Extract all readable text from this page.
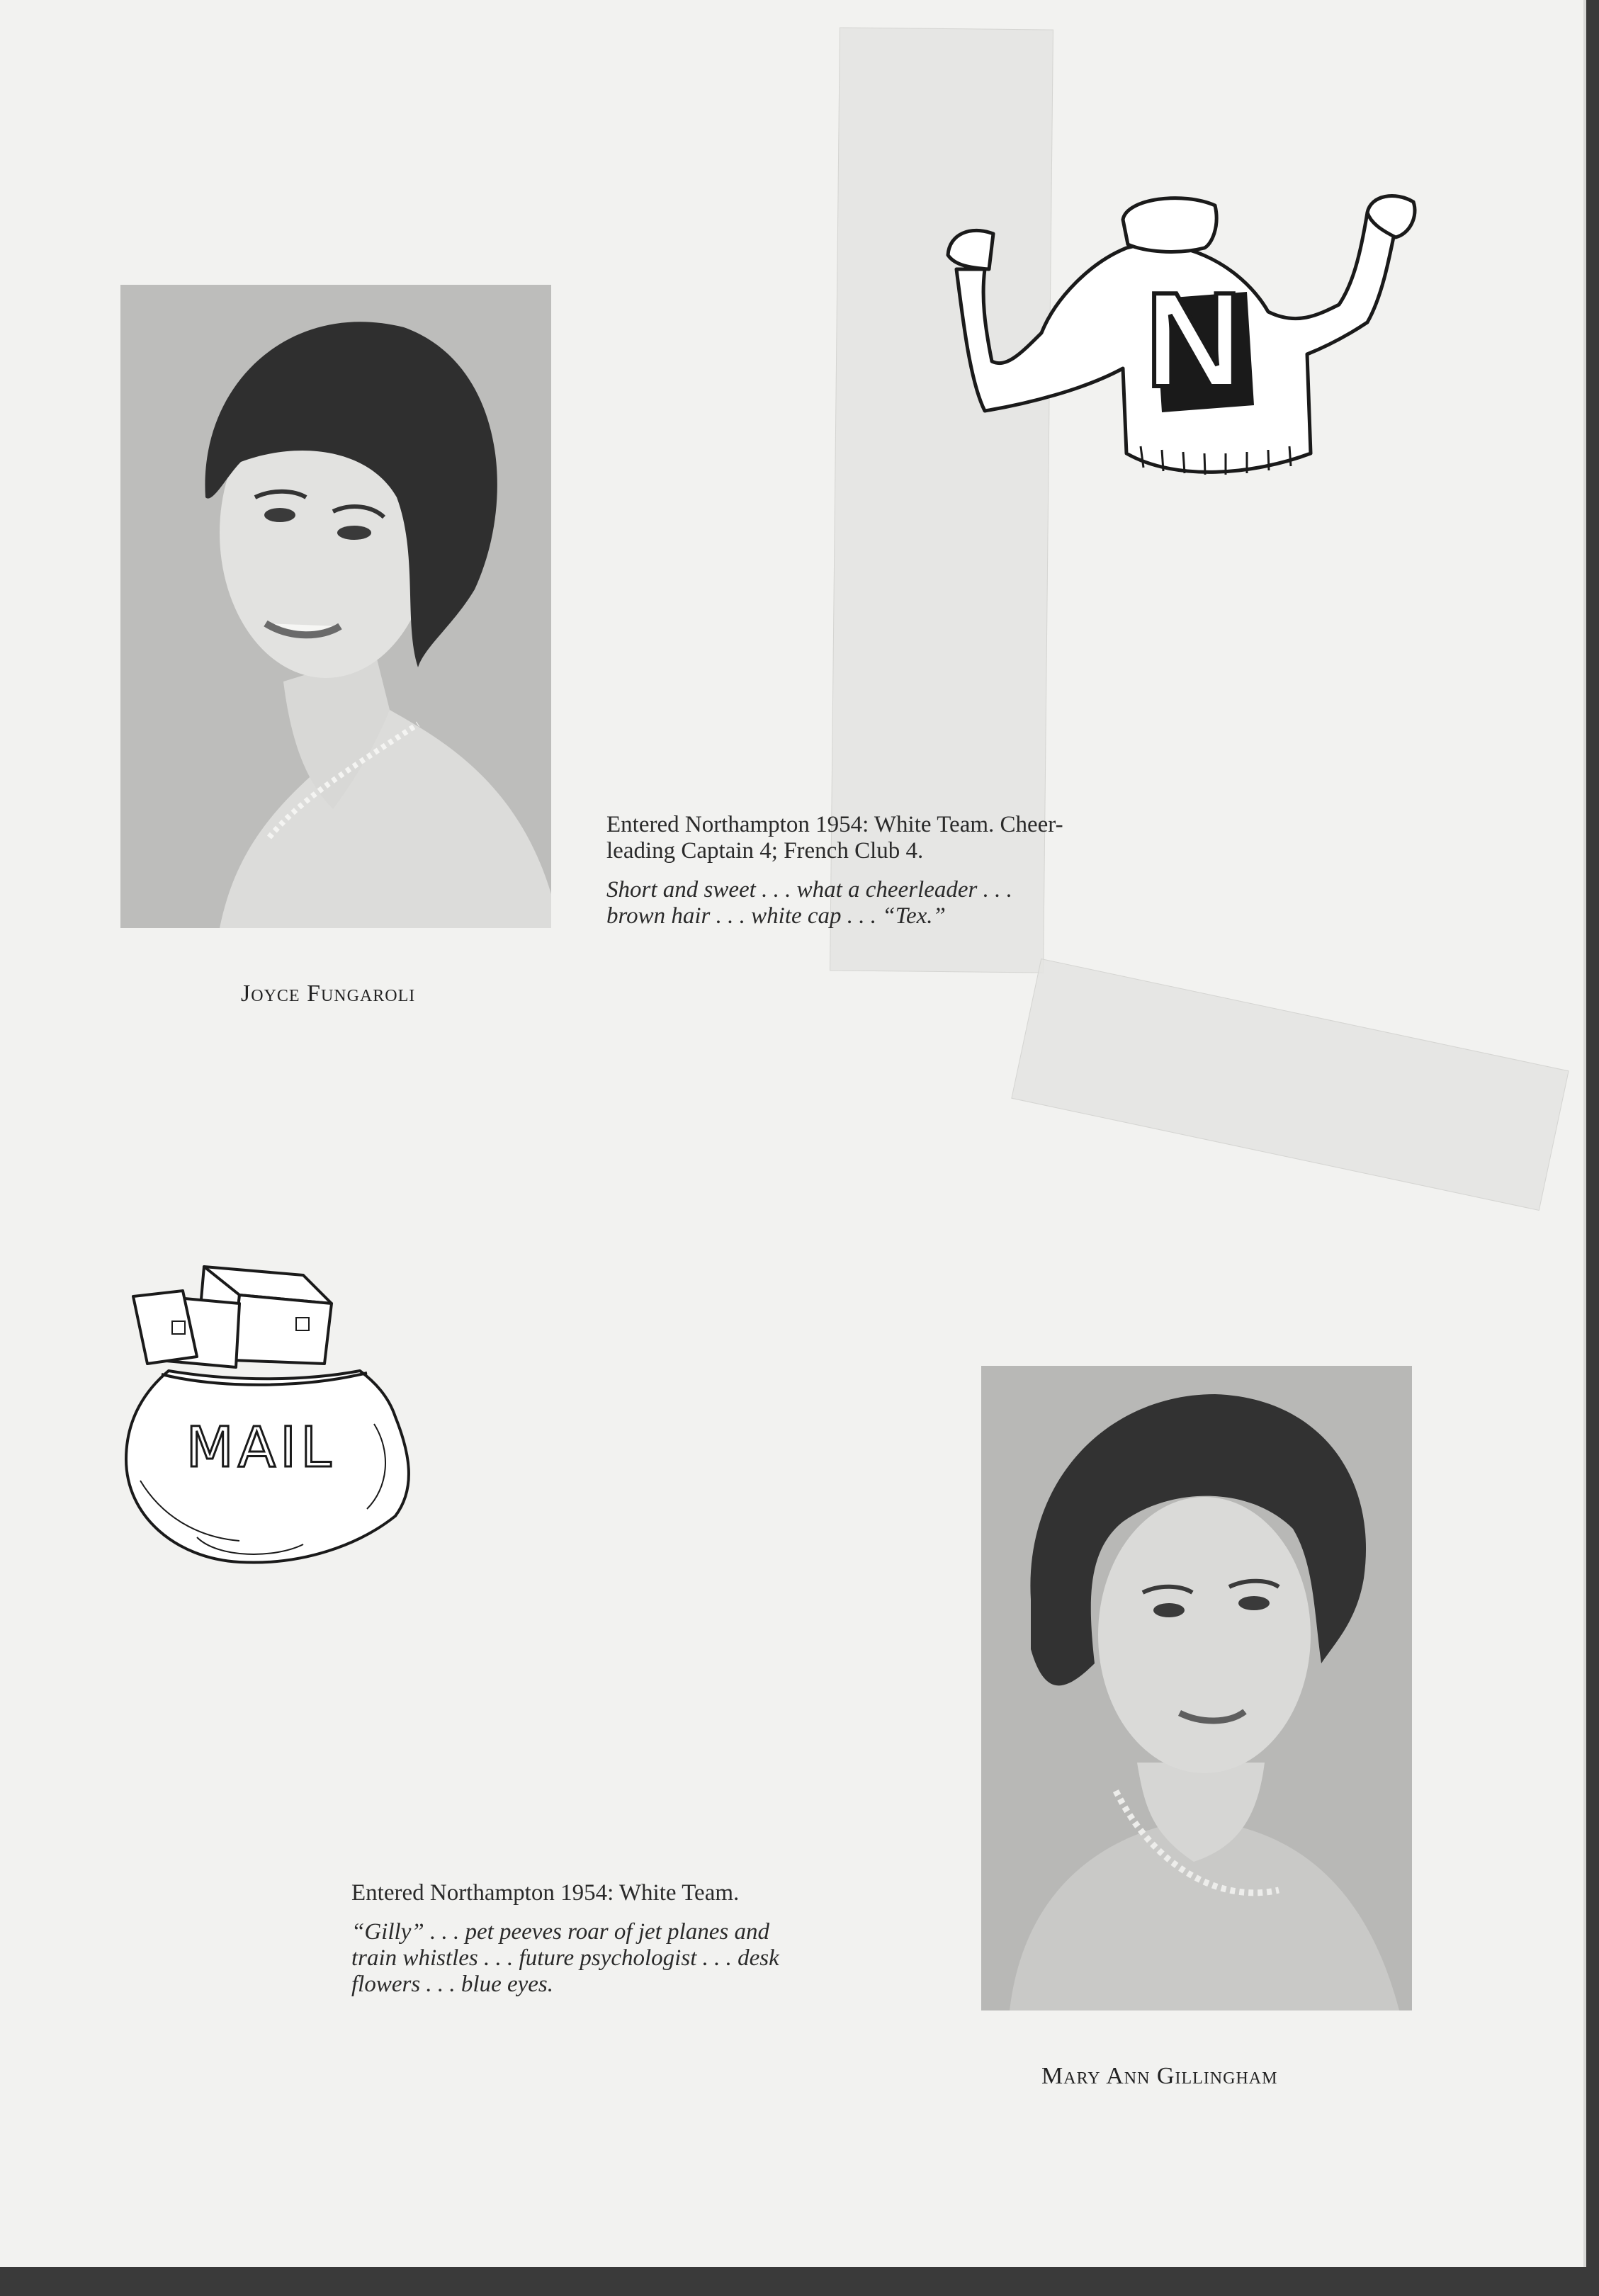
Joyce Fungaroli

Entered Northampton 1954: White Team. Cheer-
leading Captain 4; French Club 4.

Short and sweet . . . what a cheerleader . . .
brown hair . . . white cap . . . “Tex.”

N
MAIL
Mary Ann Gillingham

Entered Northampton 1954: White Team.

“Gilly” . . . pet peeves roar of jet planes and
train whistles . . . future psychologist . . . desk
flowers . . . blue eyes.
